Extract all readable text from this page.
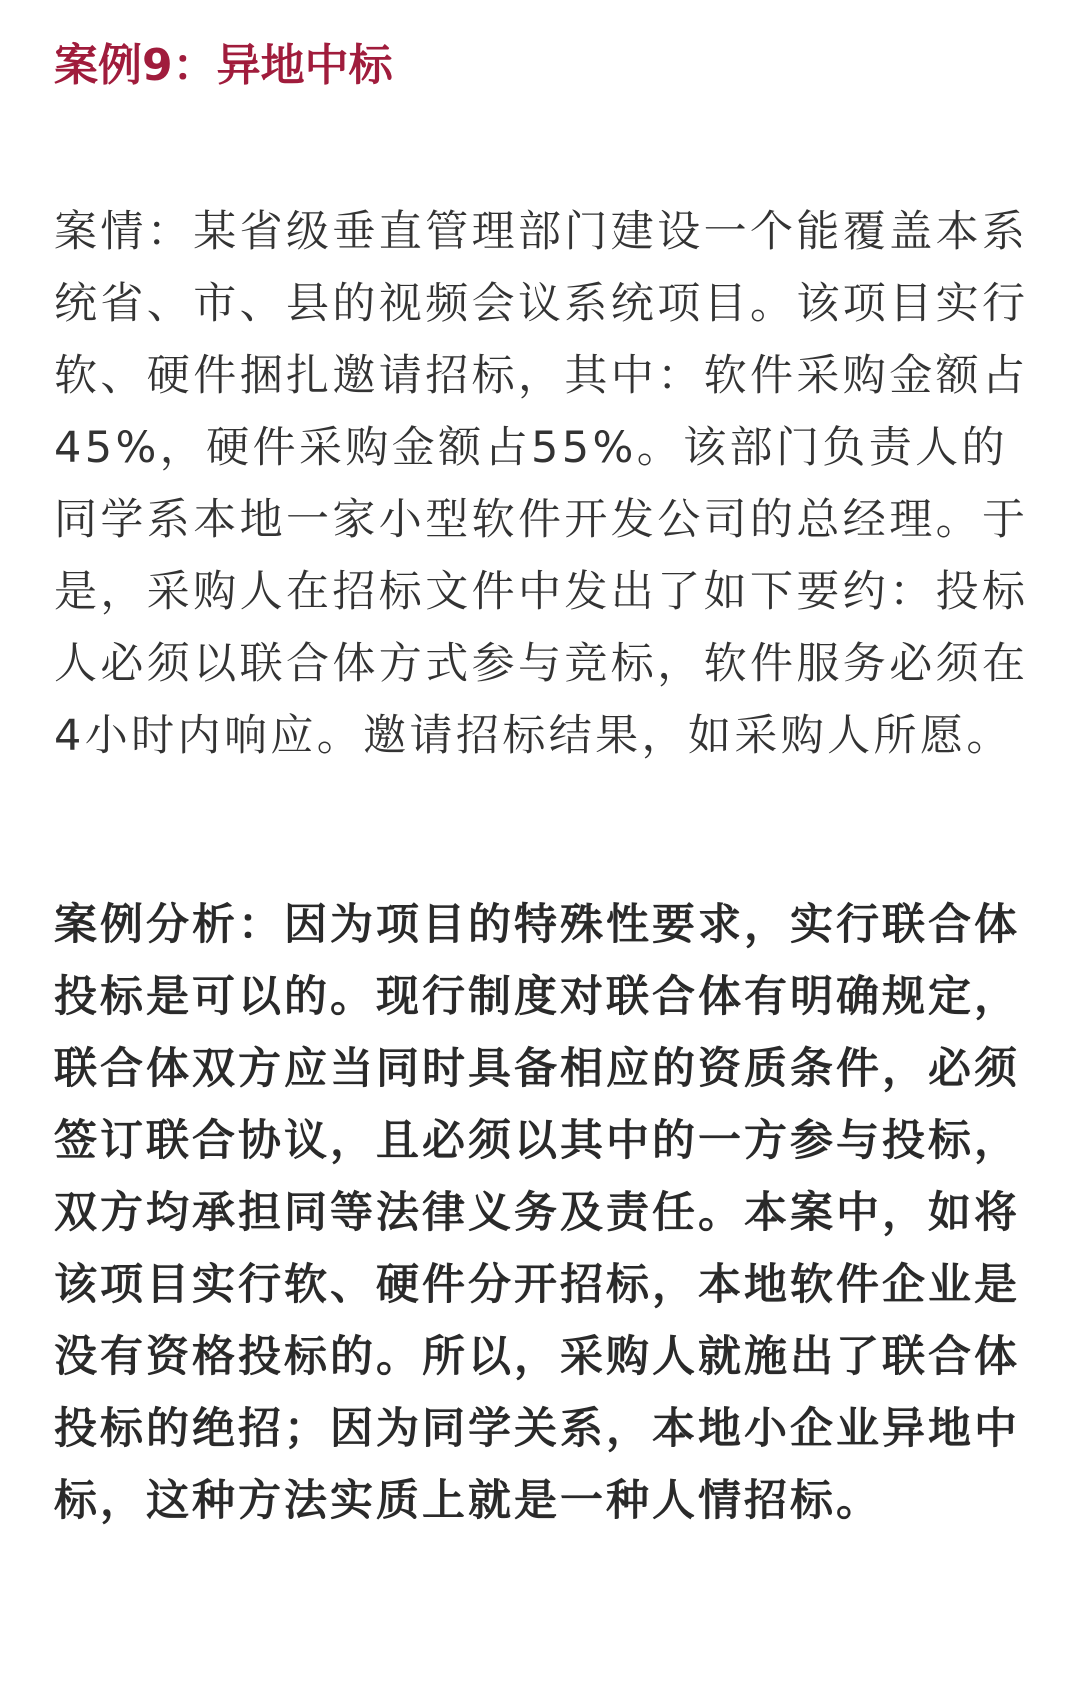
案例9：异地中标

案情：某省级垂直管理部门建设一个能覆盖本系统省、市、县的视频会议系统项目。该项目实行软、硬件捆扎邀请招标，其中：软件采购金额占45%，硬件采购金额占55%。该部门负责人的同学系本地一家小型软件开发公司的总经理。于是，采购人在招标文件中发出了如下要约：投标人必须以联合体方式参与竞标，软件服务必须在4小时内响应。邀请招标结果，如采购人所愿。

案例分析：因为项目的特殊性要求，实行联合体投标是可以的。现行制度对联合体有明确规定，联合体双方应当同时具备相应的资质条件，必须签订联合协议，且必须以其中的一方参与投标，双方均承担同等法律义务及责任。本案中，如将该项目实行软、硬件分开招标，本地软件企业是没有资格投标的。所以，采购人就施出了联合体投标的绝招；因为同学关系，本地小企业异地中标，这种方法实质上就是一种人情招标。
